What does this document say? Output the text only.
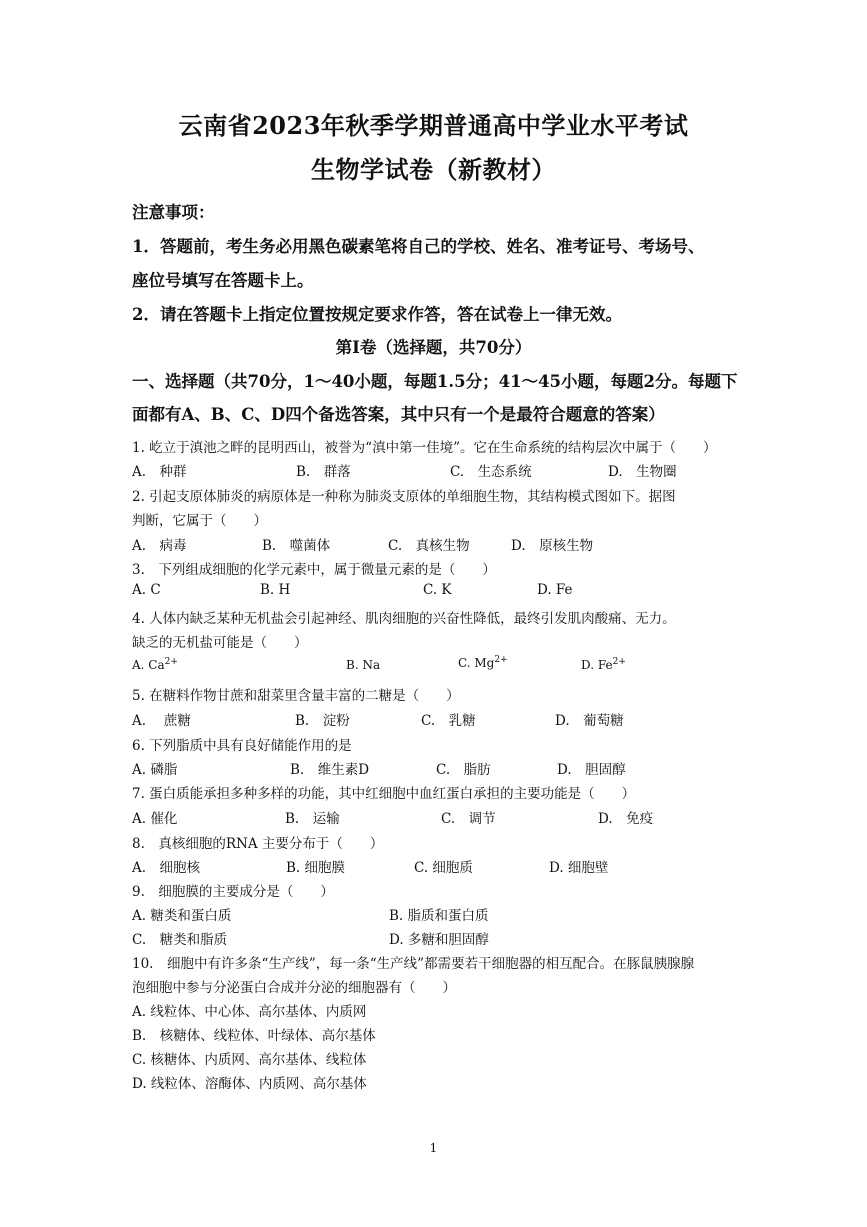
云南省2023年秋季学期普通高中学业水平考试
生物学试卷（新教材）
注意事项：
1．答题前，考生务必用黑色碳素笔将自己的学校、姓名、准考证号、考场号、
座位号填写在答题卡上。
2．请在答题卡上指定位置按规定要求作答，答在试卷上一律无效。
第Ⅰ卷（选择题，共70分）
一、选择题（共70分，1～40小题，每题1.5分；41～45小题，每题2分。每题下
面都有A、B、C、D四个备选答案，其中只有一个是最符合题意的答案）
1. 屹立于滇池之畔的昆明西山，被誉为“滇中第一佳境”。它在生命系统的结构层次中属于（　　）
A.　种群	B.　群落	C.　生态系统	D.　生物圈
2. 引起支原体肺炎的病原体是一种称为肺炎支原体的单细胞生物，其结构模式图如下。据图
判断，它属于（　　）
A.　病毒	B.　噬菌体	C.　真核生物	D.　原核生物
3.　下列组成细胞的化学元素中，属于微量元素的是（　　）
A. C	B. H	C. K	D. Fe
4. 人体内缺乏某种无机盐会引起神经、肌肉细胞的兴奋性降低，最终引发肌肉酸痛、无力。
缺乏的无机盐可能是（　　）
A. $Ca^{2+}$	B. Na	C. $Mg^{2+}$	D. $Fe^{2+}$
5. 在糖料作物甘蔗和甜菜里含量丰富的二糖是（　　）
A.　 蔗糖	B.　淀粉	C.　乳糖	D.　葡萄糖
6. 下列脂质中具有良好储能作用的是
A. 磷脂	B.　维生素D	C.　脂肪	D.　胆固醇
7. 蛋白质能承担多种多样的功能，其中红细胞中血红蛋白承担的主要功能是（　　）
A. 催化	B.　运输	C.　调节	D.　免疫
8.　真核细胞的RNA 主要分布于（　　）
A.　细胞核	B. 细胞膜	C. 细胞质	D. 细胞壁
9.　细胞膜的主要成分是（　　）
A. 糖类和蛋白质	B. 脂质和蛋白质
C.　糖类和脂质	D. 多糖和胆固醇
10.　细胞中有许多条“生产线”，每一条“生产线”都需要若干细胞器的相互配合。在豚鼠胰腺腺
泡细胞中参与分泌蛋白合成并分泌的细胞器有（　　）
A. 线粒体、中心体、高尔基体、内质网
B.　核糖体、线粒体、叶绿体、高尔基体
C. 核糖体、内质网、高尔基体、线粒体
D. 线粒体、溶酶体、内质网、高尔基体
1
